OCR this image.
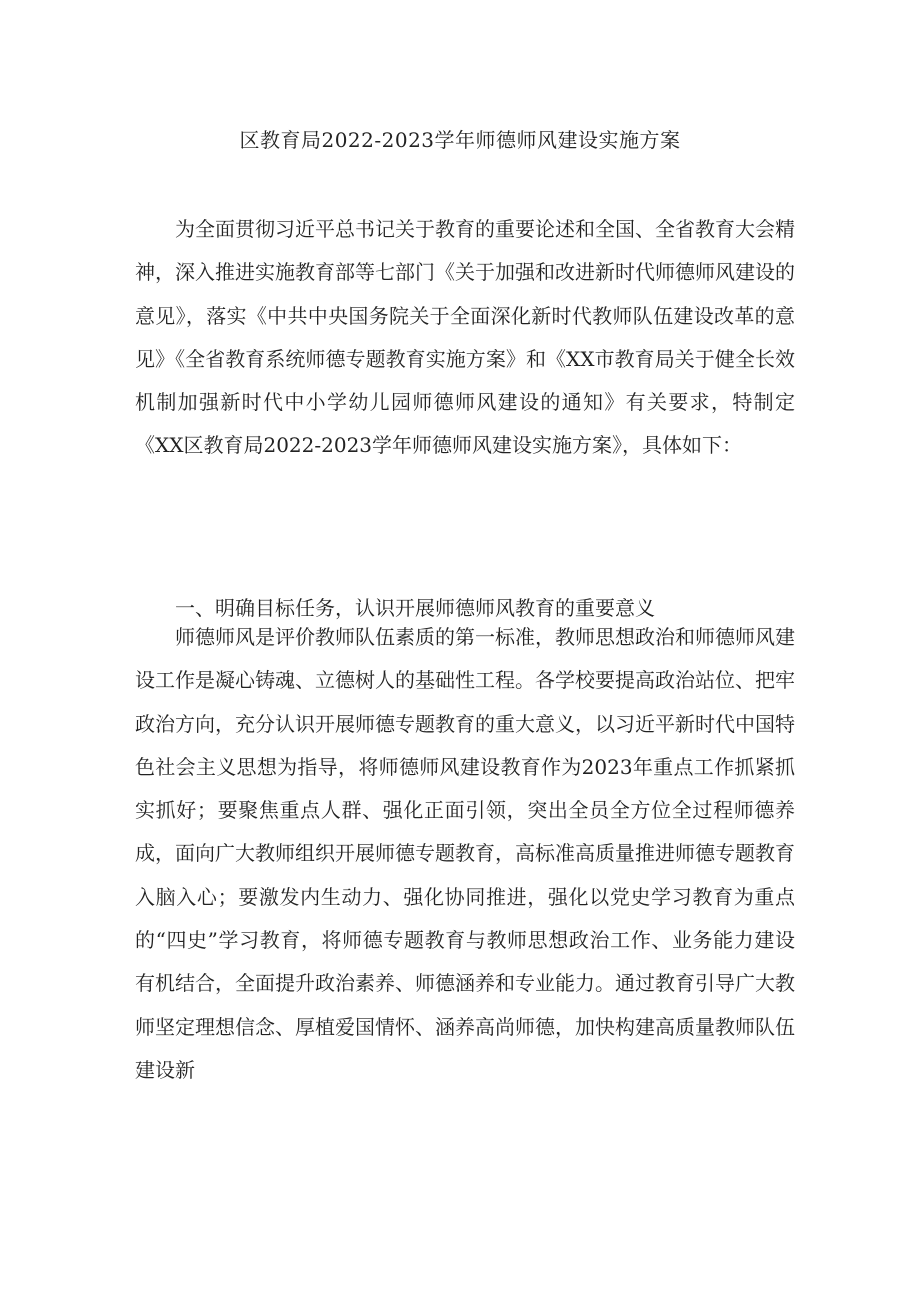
区教育局2022-2023学年师德师风建设实施方案

为全面贯彻习近平总书记关于教育的重要论述和全国、全省教育大会精神，深入推进实施教育部等七部门《关于加强和改进新时代师德师风建设的意见》，落实《中共中央国务院关于全面深化新时代教师队伍建设改革的意见》《全省教育系统师德专题教育实施方案》和《XX市教育局关于健全长效机制加强新时代中小学幼儿园师德师风建设的通知》有关要求，特制定《XX区教育局2022-2023学年师德师风建设实施方案》，具体如下：

一、明确目标任务，认识开展师德师风教育的重要意义

师德师风是评价教师队伍素质的第一标准，教师思想政治和师德师风建设工作是凝心铸魂、立德树人的基础性工程。各学校要提高政治站位、把牢政治方向，充分认识开展师德专题教育的重大意义，以习近平新时代中国特色社会主义思想为指导，将师德师风建设教育作为2023年重点工作抓紧抓实抓好；要聚焦重点人群、强化正面引领，突出全员全方位全过程师德养成，面向广大教师组织开展师德专题教育，高标准高质量推进师德专题教育入脑入心；要激发内生动力、强化协同推进，强化以党史学习教育为重点的“四史”学习教育，将师德专题教育与教师思想政治工作、业务能力建设有机结合，全面提升政治素养、师德涵养和专业能力。通过教育引导广大教师坚定理想信念、厚植爱国情怀、涵养高尚师德，加快构建高质量教师队伍建设新
